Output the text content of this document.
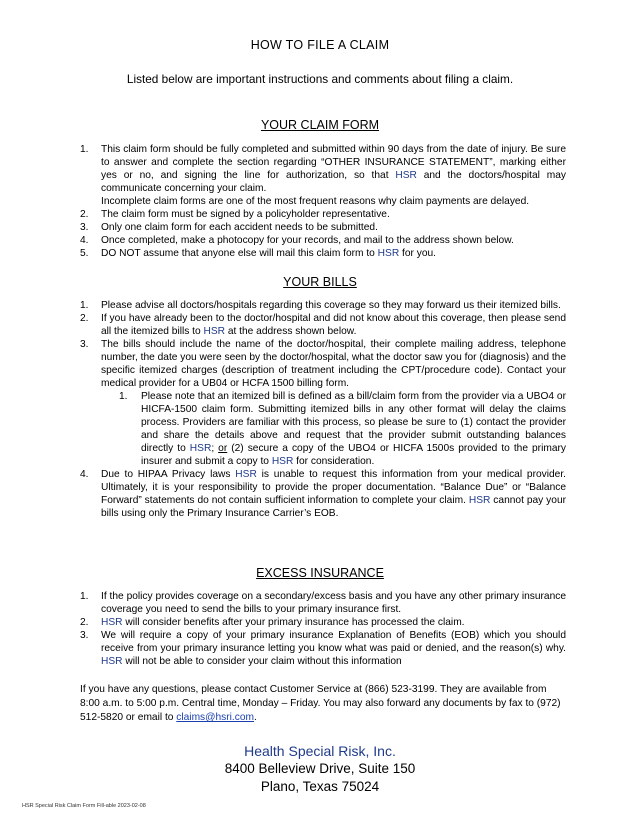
HOW TO FILE A CLAIM
Listed below are important instructions and comments about filing a claim.
YOUR CLAIM FORM
1. This claim form should be fully completed and submitted within 90 days from the date of injury. Be sure to answer and complete the section regarding “OTHER INSURANCE STATEMENT”, marking either yes or no, and signing the line for authorization, so that HSR and the doctors/hospital may communicate concerning your claim.
Incomplete claim forms are one of the most frequent reasons why claim payments are delayed.
2. The claim form must be signed by a policyholder representative.
3. Only one claim form for each accident needs to be submitted.
4. Once completed, make a photocopy for your records, and mail to the address shown below.
5. DO NOT assume that anyone else will mail this claim form to HSR for you.
YOUR BILLS
1. Please advise all doctors/hospitals regarding this coverage so they may forward us their itemized bills.
2. If you have already been to the doctor/hospital and did not know about this coverage, then please send all the itemized bills to HSR at the address shown below.
3. The bills should include the name of the doctor/hospital, their complete mailing address, telephone number, the date you were seen by the doctor/hospital, what the doctor saw you for (diagnosis) and the specific itemized charges (description of treatment including the CPT/procedure code). Contact your medical provider for a UB04 or HCFA 1500 billing form.
1. Please note that an itemized bill is defined as a bill/claim form from the provider via a UBO4 or HICFA-1500 claim form. Submitting itemized bills in any other format will delay the claims process. Providers are familiar with this process, so please be sure to (1) contact the provider and share the details above and request that the provider submit outstanding balances directly to HSR; or (2) secure a copy of the UBO4 or HICFA 1500s provided to the primary insurer and submit a copy to HSR for consideration.
4. Due to HIPAA Privacy laws HSR is unable to request this information from your medical provider. Ultimately, it is your responsibility to provide the proper documentation. “Balance Due” or “Balance Forward” statements do not contain sufficient information to complete your claim. HSR cannot pay your bills using only the Primary Insurance Carrier’s EOB.
EXCESS INSURANCE
1. If the policy provides coverage on a secondary/excess basis and you have any other primary insurance coverage you need to send the bills to your primary insurance first.
2. HSR will consider benefits after your primary insurance has processed the claim.
3. We will require a copy of your primary insurance Explanation of Benefits (EOB) which you should receive from your primary insurance letting you know what was paid or denied, and the reason(s) why. HSR will not be able to consider your claim without this information
If you have any questions, please contact Customer Service at (866) 523-3199. They are available from 8:00 a.m. to 5:00 p.m. Central time, Monday – Friday. You may also forward any documents by fax to (972) 512-5820 or email to claims@hsri.com.
Health Special Risk, Inc.
8400 Belleview Drive, Suite 150
Plano, Texas 75024
HSR Special Risk Claim Form Fill-able 2023-02-08
